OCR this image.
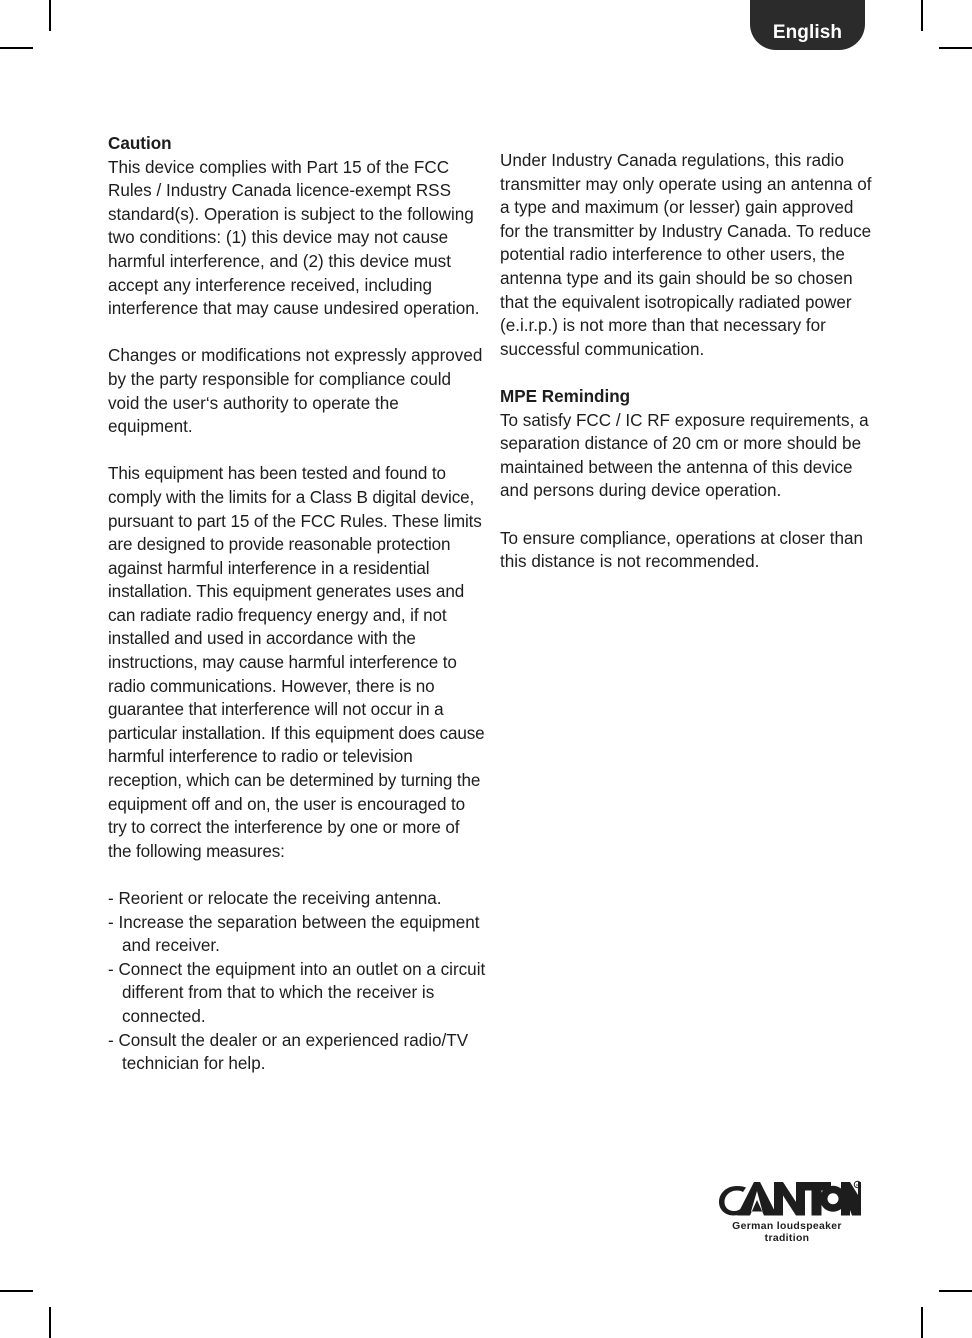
English

Caution

This device complies with Part 15 of the FCC Rules / Industry Canada licence-exempt RSS standard(s). Operation is subject to the following two conditions: (1) this device may not cause harmful interference, and (2) this device must accept any interference received, including interference that may cause undesired operation.

Changes or modifications not expressly approved by the party responsible for compliance could void the user‘s authority to operate the equipment.

This equipment has been tested and found to comply with the limits for a Class B digital device, pursuant to part 15 of the FCC Rules. These limits are designed to provide reasonable protection against harmful interference in a residential installation. This equipment generates uses and can radiate radio frequency energy and, if not installed and used in accordance with the instructions, may cause harmful interference to radio communications. However, there is no guarantee that interference will not occur in a particular installation. If this equipment does cause harmful interference to radio or television reception, which can be determined by turning the equipment off and on, the user is encouraged to try to correct the interference by one or more of the following measures:

- Reorient or relocate the receiving antenna.

- Increase the separation between the equipment and receiver.

- Connect the equipment into an outlet on a circuit different from that to which the receiver is connected.

- Consult the dealer or an experienced radio/TV technician for help.

Under Industry Canada regulations, this radio transmitter may only operate using an antenna of a type and maximum (or lesser) gain approved for the transmitter by Industry Canada. To reduce potential radio interference to other users, the antenna type and its gain should be so chosen that the equivalent isotropically radiated power (e.i.r.p.) is not more than that necessary for successful communication.

MPE Reminding

To satisfy FCC / IC RF exposure requirements, a separation distance of 20 cm or more should be maintained between the antenna of this device and persons during device operation.

To ensure compliance, operations at closer than this distance is not recommended.

R
German loudspeaker tradition
